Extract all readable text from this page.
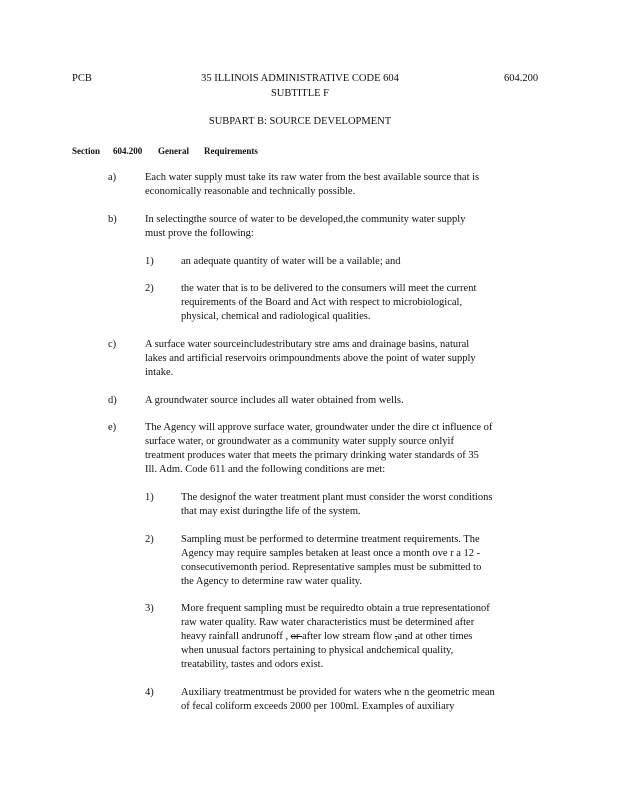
PCB	35 ILLINOIS ADMINISTRATIVE CODE 604
SUBTITLE F
604.200
SUBPART B: SOURCE DEVELOPMENT
Section 604.200 General Requirements
a)	Each water supply must take its raw water from the best available source that is
economically reasonable and technically possible.
b)	In selectingthe source of water to be developed,the community water supply
must prove the following:
1)	an adequate quantity of water will be a vailable; and
2)	the water that is to be delivered to the consumers will meet the current
requirements of the Board and Act with respect to microbiological,
physical, chemical and radiological qualities.
c)	A surface water sourceincludestributary stre ams and drainage basins, natural
lakes and artificial reservoirs orimpoundments above the point of water supply
intake.
d)	A groundwater source includes all water obtained from wells.
e)	The Agency will approve surface water, groundwater under the dire ct influence of
surface water, or groundwater as a community water supply source onlyif
treatment produces water that meets the primary drinking water standards of 35
Ill. Adm. Code 611 and the following conditions are met:
1)	The designof the water treatment plant must consider the worst conditions
that may exist duringthe life of the system.
2)	Sampling must be performed to determine treatment requirements. The
Agency may require samples betaken at least once a month ove r a 12 -
consecutivemonth period. Representative samples must be submitted to
the Agency to determine raw water quality.
3)	More frequent sampling must be requiredto obtain a true representationof
raw water quality. Raw water characteristics must be determined after
heavy rainfall andrunoff , or after low stream flow ,and at other times
when unusual factors pertaining to physical andchemical quality,
treatability, tastes and odors exist.
4)	Auxiliary treatmentmust be provided for waters whe n the geometric mean
of fecal coliform exceeds 2000 per 100ml. Examples of auxiliary
